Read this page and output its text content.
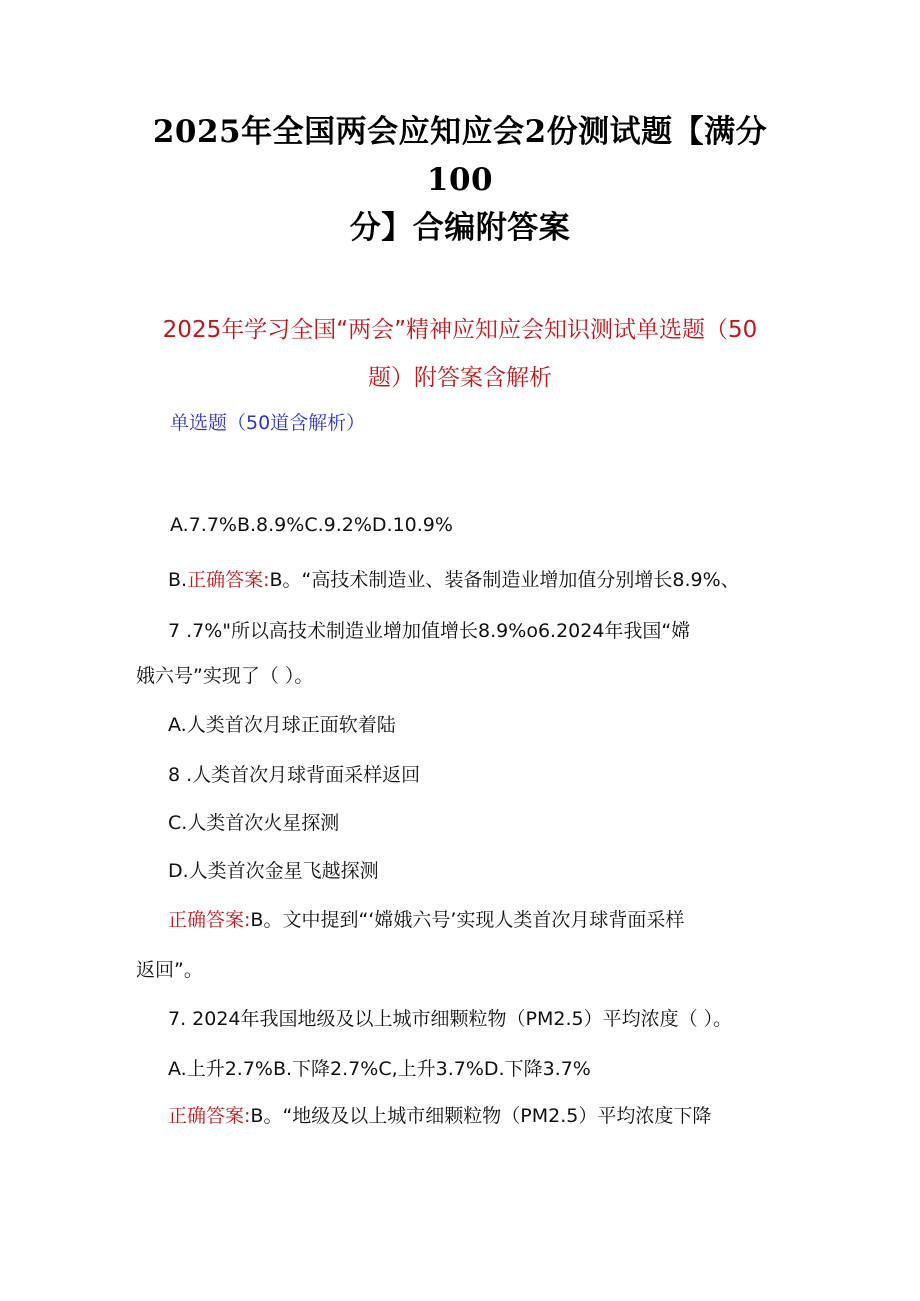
2025年全国两会应知应会2份测试题【满分100
分】合编附答案
2025年学习全国“两会”精神应知应会知识测试单选题（50
题）附答案含解析
单选题（50道含解析）
A.7.7%B.8.9%C.9.2%D.10.9%
B.正确答案:B。“高技术制造业、装备制造业增加值分别增长8.9%、
7 .7%"所以高技术制造业增加值增长8.9%o6.2024年我国“嫦
娥六号”实现了（ ）。
A.人类首次月球正面软着陆
8 .人类首次月球背面采样返回
C.人类首次火星探测
D.人类首次金星飞越探测
正确答案:B。文中提到“‘嫦娥六号’实现人类首次月球背面采样
返回”。
7. 2024年我国地级及以上城市细颗粒物（PM2.5）平均浓度（ ）。
A.上升2.7%B.下降2.7%C,上升3.7%D.下降3.7%
正确答案:B。“地级及以上城市细颗粒物（PM2.5）平均浓度下降
